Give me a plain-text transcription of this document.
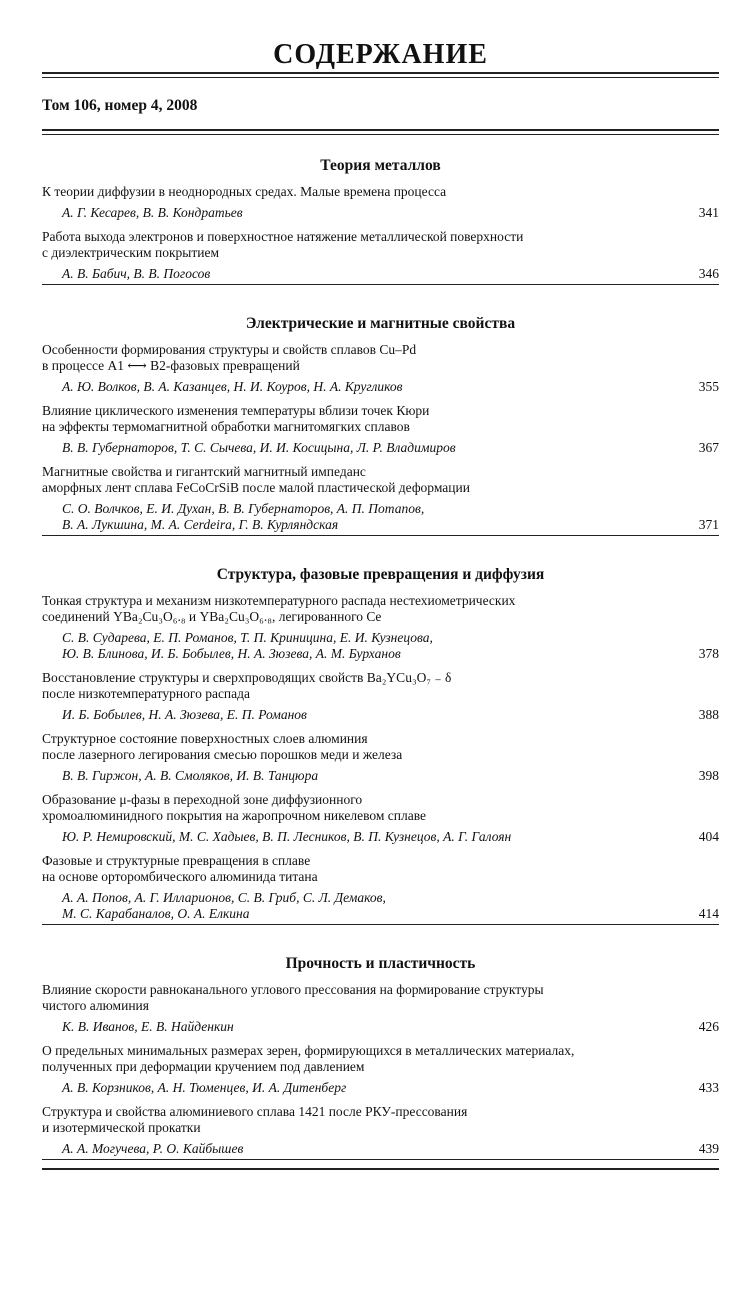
СОДЕРЖАНИЕ
Том 106, номер 4, 2008
Теория металлов
К теории диффузии в неоднородных средах. Малые времена процесса
А. Г. Кесарев, В. В. Кондратьев	341
Работа выхода электронов и поверхностное натяжение металлической поверхности
с диэлектрическим покрытием
А. В. Бабич, В. В. Погосов	346
Электрические и магнитные свойства
Особенности формирования структуры и свойств сплавов Cu–Pd
в процессе A1 ⟷ B2-фазовых превращений
А. Ю. Волков, В. А. Казанцев, Н. И. Коуров, Н. А. Кругликов	355
Влияние циклического изменения температуры вблизи точек Кюри
на эффекты термомагнитной обработки магнитомягких сплавов
В. В. Губернаторов, Т. С. Сычева, И. И. Косицына, Л. Р. Владимиров	367
Магнитные свойства и гигантский магнитный импеданс
аморфных лент сплава FeCoCrSiB после малой пластической деформации
С. О. Волчков, Е. И. Духан, В. В. Губернаторов, А. П. Потапов,
В. А. Лукшина, М. А. Cerdeira, Г. В. Курляндская	371
Структура, фазовые превращения и диффузия
Тонкая структура и механизм низкотемпературного распада нестехиометрических
соединений YBa₂Cu₃O₆.₈ и YBa₂Cu₃O₆.₈, легированного Ce
С. В. Сударева, Е. П. Романов, Т. П. Криницина, Е. И. Кузнецова,
Ю. В. Блинова, И. Б. Бобылев, Н. А. Зюзева, А. М. Бурханов	378
Восстановление структуры и сверхпроводящих свойств Ba₂YCu₃O₇ ₋ δ
после низкотемпературного распада
И. Б. Бобылев, Н. А. Зюзева, Е. П. Романов	388
Структурное состояние поверхностных слоев алюминия
после лазерного легирования смесью порошков меди и железа
В. В. Гиржон, А. В. Смоляков, И. В. Танцюра	398
Образование μ-фазы в переходной зоне диффузионного
хромоалюминидного покрытия на жаропрочном никелевом сплаве
Ю. Р. Немировский, М. С. Хадыев, В. П. Лесников, В. П. Кузнецов, А. Г. Галоян	404
Фазовые и структурные превращения в сплаве
на основе орторомбического алюминида титана
А. А. Попов, А. Г. Илларионов, С. В. Гриб, С. Л. Демаков,
М. С. Карабаналов, О. А. Елкина	414
Прочность и пластичность
Влияние скорости равноканального углового прессования на формирование структуры
чистого алюминия
К. В. Иванов, Е. В. Найденкин	426
О предельных минимальных размерах зерен, формирующихся в металлических материалах,
полученных при деформации кручением под давлением
А. В. Корзников, А. Н. Тюменцев, И. А. Дитенберг	433
Структура и свойства алюминиевого сплава 1421 после РКУ-прессования
и изотермической прокатки
А. А. Могучева, Р. О. Кайбышев	439
